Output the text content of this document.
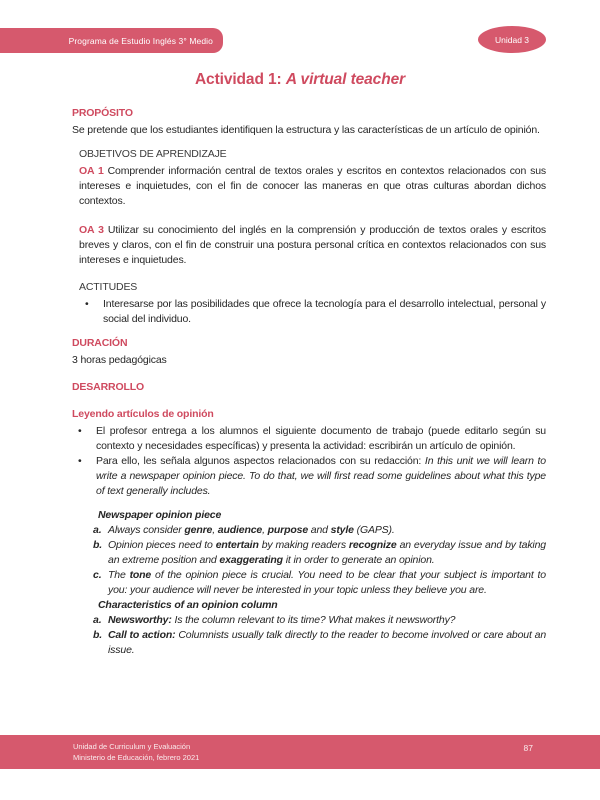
Programa de Estudio Inglés 3° Medio	Unidad 3
Actividad 1: A virtual teacher
PROPÓSITO

Se pretende que los estudiantes identifiquen la estructura y las características de un artículo de opinión.

OBJETIVOS DE APRENDIZAJE

OA 1 Comprender información central de textos orales y escritos en contextos relacionados con sus intereses e inquietudes, con el fin de conocer las maneras en que otras culturas abordan dichos contextos.

OA 3 Utilizar su conocimiento del inglés en la comprensión y producción de textos orales y escritos breves y claros, con el fin de construir una postura personal crítica en contextos relacionados con sus intereses e inquietudes.

ACTITUDES
•	Interesarse por las posibilidades que ofrece la tecnología para el desarrollo intelectual, personal y social del individuo.
DURACIÓN

3 horas pedagógicas

DESARROLLO
Leyendo artículos de opinión
•	El profesor entrega a los alumnos el siguiente documento de trabajo (puede editarlo según su contexto y necesidades específicas) y presenta la actividad: escribirán un artículo de opinión.
•	Para ello, les señala algunos aspectos relacionados con su redacción: In this unit we will learn to write a newspaper opinion piece. To do that, we will first read some guidelines about what this type of text generally includes.
Newspaper opinion piece
a. Always consider genre, audience, purpose and style (GAPS).
b. Opinion pieces need to entertain by making readers recognize an everyday issue and by taking an extreme position and exaggerating it in order to generate an opinion.
c. The tone of the opinion piece is crucial. You need to be clear that your subject is important to you: your audience will never be interested in your topic unless they believe you are.
Characteristics of an opinion column
a. Newsworthy: Is the column relevant to its time? What makes it newsworthy?
b. Call to action: Columnists usually talk directly to the reader to become involved or care about an issue.
Unidad de Curriculum y Evaluación
Ministerio de Educación, febrero 2021
87
